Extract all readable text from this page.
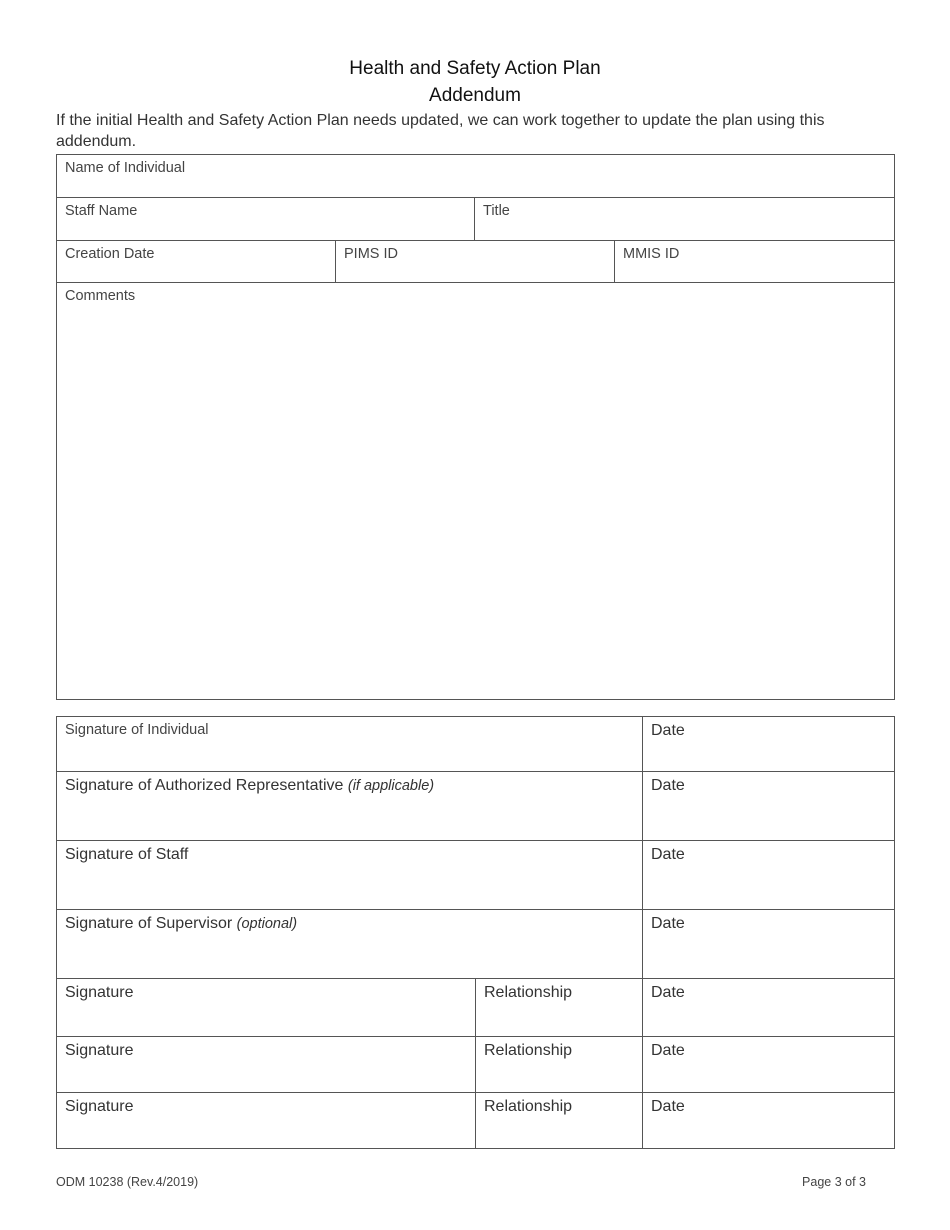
Health and Safety Action Plan
Addendum

If the initial Health and Safety Action Plan needs updated, we can work together to update the plan using this addendum.

Name of Individual			

Staff Name		Title	

Creation Date	PIMS ID		MMIS ID

Comments			
Signature of Individual		Date

Signature of Authorized Representative (if applicable)		Date

Signature of Staff		Date

Signature of Supervisor (optional)		Date

Signature	Relationship	Date

Signature	Relationship	Date

Signature	Relationship	Date
ODM 10238 (Rev.4/2019)	Page 3 of 3
